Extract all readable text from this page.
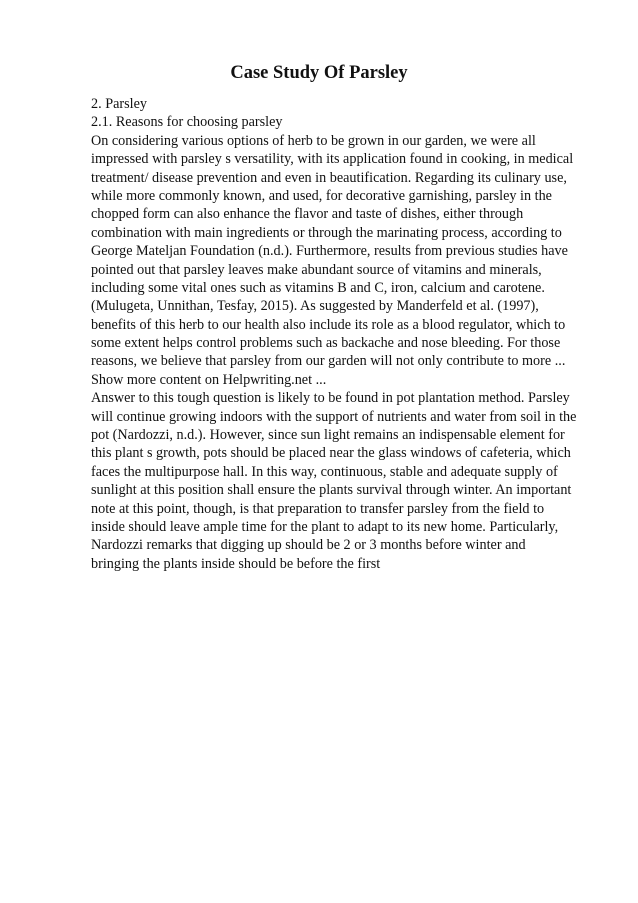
Case Study Of Parsley
2. Parsley
2.1. Reasons for choosing parsley
On considering various options of herb to be grown in our garden, we were all
impressed with parsley s versatility, with its application found in cooking, in medical
treatment/ disease prevention and even in beautification. Regarding its culinary use,
while more commonly known, and used, for decorative garnishing, parsley in the
chopped form can also enhance the flavor and taste of dishes, either through
combination with main ingredients or through the marinating process, according to
George Mateljan Foundation (n.d.). Furthermore, results from previous studies have
pointed out that parsley leaves make abundant source of vitamins and minerals,
including some vital ones such as vitamins B and C, iron, calcium and carotene.
(Mulugeta, Unnithan, Tesfay, 2015). As suggested by Manderfeld et al. (1997),
benefits of this herb to our health also include its role as a blood regulator, which to
some extent helps control problems such as backache and nose bleeding. For those
reasons, we believe that parsley from our garden will not only contribute to more ...
Show more content on Helpwriting.net ...
Answer to this tough question is likely to be found in pot plantation method. Parsley
will continue growing indoors with the support of nutrients and water from soil in the
pot (Nardozzi, n.d.). However, since sun light remains an indispensable element for
this plant s growth, pots should be placed near the glass windows of cafeteria, which
faces the multipurpose hall. In this way, continuous, stable and adequate supply of
sunlight at this position shall ensure the plants survival through winter. An important
note at this point, though, is that preparation to transfer parsley from the field to
inside should leave ample time for the plant to adapt to its new home. Particularly,
Nardozzi remarks that digging up should be 2 or 3 months before winter and
bringing the plants inside should be before the first
